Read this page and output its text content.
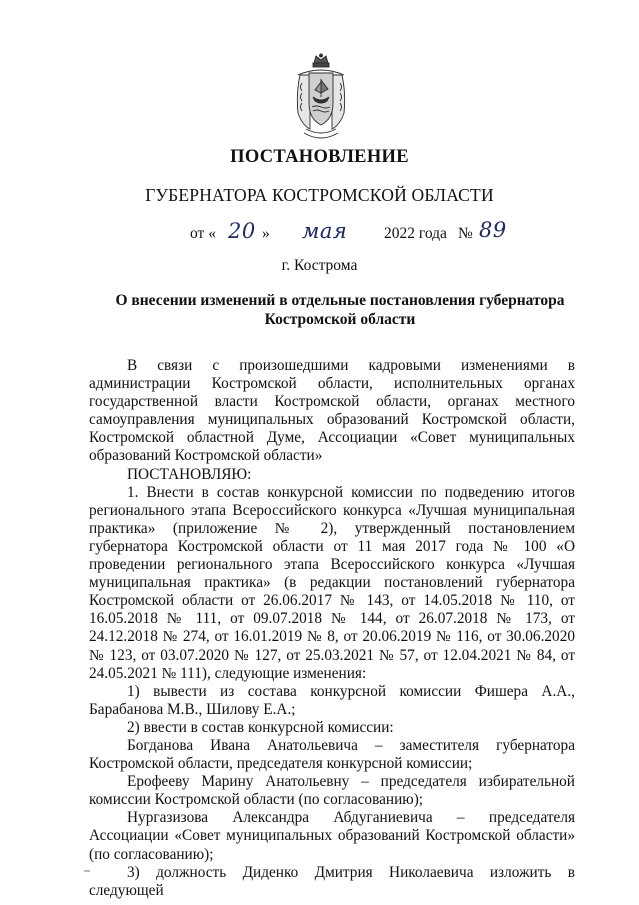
ПОСТАНОВЛЕНИЕ
ГУБЕРНАТОРА КОСТРОМСКОЙ ОБЛАСТИ
от « 20 » мая 2022 года № 89
г. Кострома
О внесении изменений в отдельные постановления губернатора
Костромской области

В связи с произошедшими кадровыми изменениями в администрации Костромской области, исполнительных органах государственной власти Костромской области, органах местного самоуправления муниципальных образований Костромской области, Костромской областной Думе, Ассоциации «Совет муниципальных образований Костромской области»

ПОСТАНОВЛЯЮ:

1. Внести в состав конкурсной комиссии по подведению итогов регионального этапа Всероссийского конкурса «Лучшая муниципальная практика» (приложение № 2), утвержденный постановлением губернатора Костромской области от 11 мая 2017 года № 100 «О проведении регионального этапа Всероссийского конкурса «Лучшая муниципальная практика» (в редакции постановлений губернатора Костромской области от 26.06.2017 № 143, от 14.05.2018 № 110, от 16.05.2018 № 111, от 09.07.2018 № 144, от 26.07.2018 № 173, от 24.12.2018 № 274, от 16.01.2019 № 8, от 20.06.2019 № 116, от 30.06.2020 № 123, от 03.07.2020 № 127, от 25.03.2021 № 57, от 12.04.2021 № 84, от 24.05.2021 № 111), следующие изменения:

1) вывести из состава конкурсной комиссии Фишера А.А., Барабанова М.В., Шилову Е.А.;

2) ввести в состав конкурсной комиссии:

Богданова Ивана Анатольевича – заместителя губернатора Костромской области, председателя конкурсной комиссии;

Ерофееву Марину Анатольевну – председателя избирательной комиссии Костромской области (по согласованию);

Нургазизова Александра Абдуганиевича – председателя Ассоциации «Совет муниципальных образований Костромской области» (по согласованию);

3) должность Диденко Дмитрия Николаевича изложить в следующей
